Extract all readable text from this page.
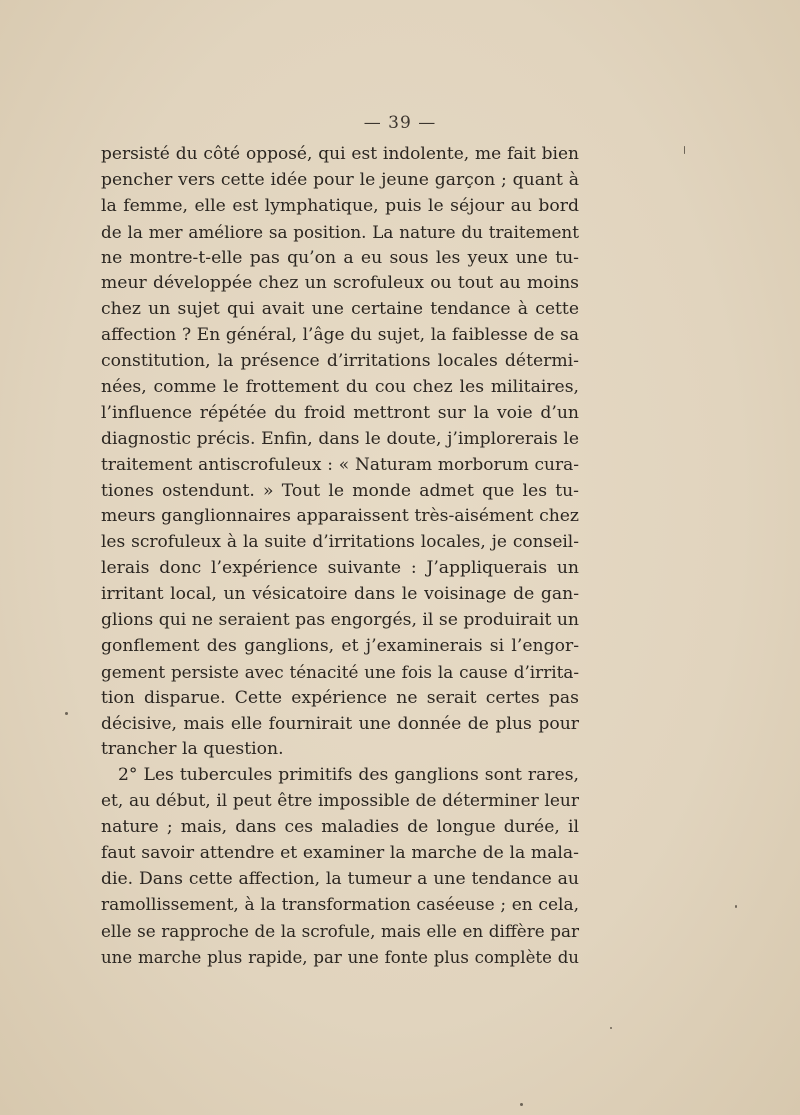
— 39 —
persisté du côté opposé, qui est indolente, me fait bien
pencher vers cette idée pour le jeune garçon ; quant à
la femme, elle est lymphatique, puis le séjour au bord
de la mer améliore sa position. La nature du traitement
ne montre-t-elle pas qu’on a eu sous les yeux une tu-
meur développée chez un scrofuleux ou tout au moins
chez un sujet qui avait une certaine tendance à cette
affection ? En général, l’âge du sujet, la faiblesse de sa
constitution, la présence d’irritations locales détermi-
nées, comme le frottement du cou chez les militaires,
l’influence répétée du froid mettront sur la voie d’un
diagnostic précis. Enfin, dans le doute, j’implorerais le
traitement antiscrofuleux : « Naturam morborum cura-
tiones ostendunt. » Tout le monde admet que les tu-
meurs ganglionnaires apparaissent très-aisément chez
les scrofuleux à la suite d’irritations locales, je conseil-
lerais donc l’expérience suivante : J’appliquerais un
irritant local, un vésicatoire dans le voisinage de gan-
glions qui ne seraient pas engorgés, il se produirait un
gonflement des ganglions, et j’examinerais si l’engor-
gement persiste avec ténacité une fois la cause d’irrita-
tion disparue. Cette expérience ne serait certes pas
décisive, mais elle fournirait une donnée de plus pour
trancher la question.
2° Les tubercules primitifs des ganglions sont rares,
et, au début, il peut être impossible de déterminer leur
nature ; mais, dans ces maladies de longue durée, il
faut savoir attendre et examiner la marche de la mala-
die. Dans cette affection, la tumeur a une tendance au
ramollissement, à la transformation caséeuse ; en cela,
elle se rapproche de la scrofule, mais elle en diffère par
une marche plus rapide, par une fonte plus complète du
